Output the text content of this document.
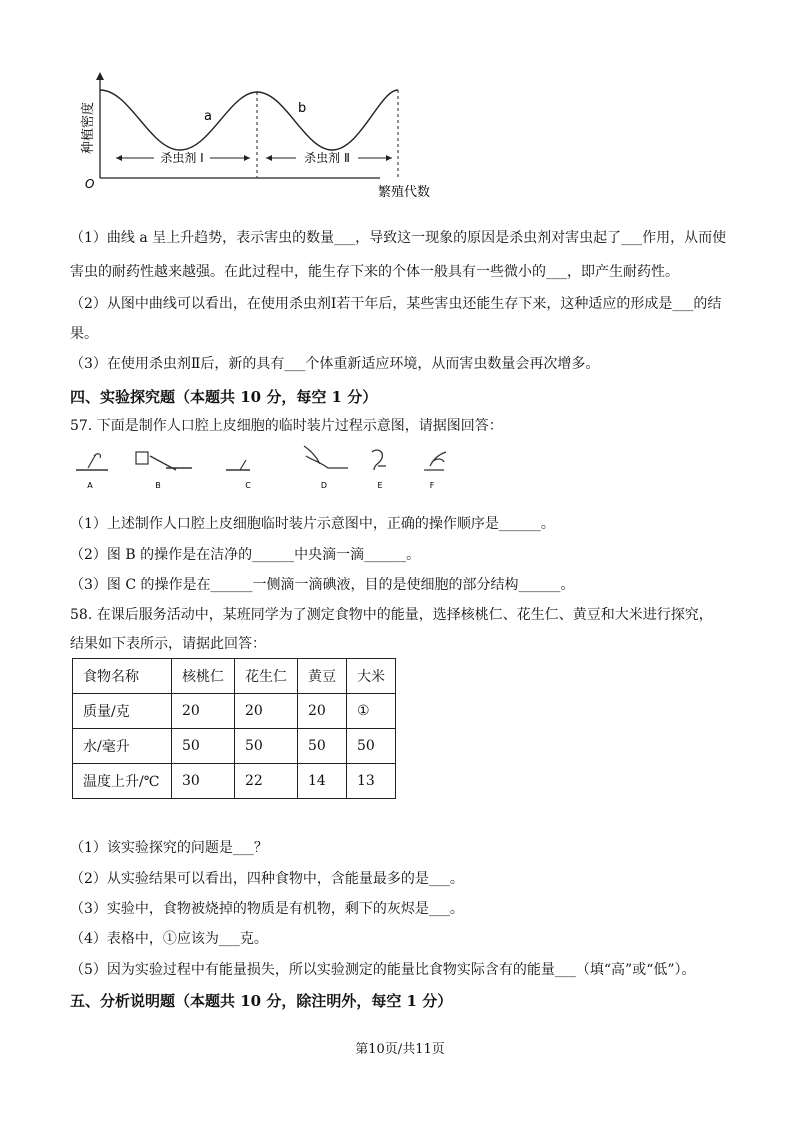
杀虫剂 Ⅰ	杀虫剂 Ⅱ
a
b
O
繁殖代数
种植密度
（1）曲线 a 呈上升趋势，表示害虫的数量___，导致这一现象的原因是杀虫剂对害虫起了___作用，从而使
害虫的耐药性越来越强。在此过程中，能生存下来的个体一般具有一些微小的___，即产生耐药性。
（2）从图中曲线可以看出，在使用杀虫剂Ⅰ若干年后，某些害虫还能生存下来，这种适应的形成是___的结
果。
（3）在使用杀虫剂Ⅱ后，新的具有___个体重新适应环境，从而害虫数量会再次增多。
四、实验探究题（本题共 10 分，每空 1 分）
57. 下面是制作人口腔上皮细胞的临时装片过程示意图，请据图回答：
A	B	C	D	E	F
（1）上述制作人口腔上皮细胞临时装片示意图中，正确的操作顺序是______。
（2）图 B 的操作是在洁净的______中央滴一滴______。
（3）图 C 的操作是在______一侧滴一滴碘液，目的是使细胞的部分结构______。
58. 在课后服务活动中，某班同学为了测定食物中的能量，选择核桃仁、花生仁、黄豆和大米进行探究，
结果如下表所示，请据此回答：
食物名称	核桃仁	花生仁	黄豆	大米
质量/克	20	20	20	①
水/毫升	50	50	50	50
温度上升/℃	30	22	14	13
（1）该实验探究的问题是___？
（2）从实验结果可以看出，四种食物中，含能量最多的是___。
（3）实验中，食物被烧掉的物质是有机物，剩下的灰烬是___。
（4）表格中，①应该为___克。
（5）因为实验过程中有能量损失，所以实验测定的能量比食物实际含有的能量___（填“高”或“低”）。
五、分析说明题（本题共 10 分，除注明外，每空 1 分）
第10页/共11页
